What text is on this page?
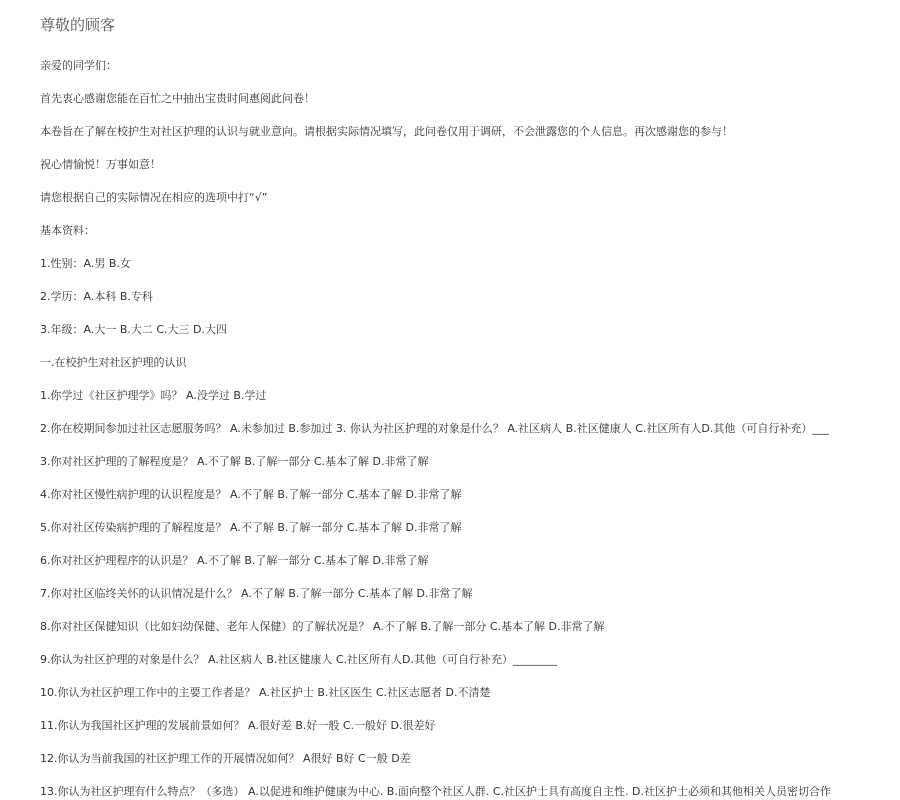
尊敬的顾客
亲爱的同学们：
首先衷心感谢您能在百忙之中抽出宝贵时间惠阅此问卷！
本卷旨在了解在校护生对社区护理的认识与就业意向。请根据实际情况填写，此问卷仅用于调研，不会泄露您的个人信息。再次感谢您的参与！
祝心情愉悦！万事如意！
请您根据自己的实际情况在相应的选项中打“√”
基本资料：
1.性别：A.男 B.女
2.学历：A.本科 B.专科
3.年级：A.大一 B.大二 C.大三 D.大四
一.在校护生对社区护理的认识
1.你学过《社区护理学》吗？ A.没学过 B.学过
2.你在校期间参加过社区志愿服务吗？ A.未参加过 B.参加过 3. 你认为社区护理的对象是什么？ A.社区病人 B.社区健康人 C.社区所有人D.其他（可自行补充）___
3.你对社区护理的了解程度是？ A.不了解 B.了解一部分 C.基本了解 D.非常了解
4.你对社区慢性病护理的认识程度是？ A.不了解 B.了解一部分 C.基本了解 D.非常了解
5.你对社区传染病护理的了解程度是？ A.不了解 B.了解一部分 C.基本了解 D.非常了解
6.你对社区护理程序的认识是？ A.不了解 B.了解一部分 C.基本了解 D.非常了解
7.你对社区临终关怀的认识情况是什么？ A.不了解 B.了解一部分 C.基本了解 D.非常了解
8.你对社区保健知识（比如妇幼保健、老年人保健）的了解状况是？ A.不了解 B.了解一部分 C.基本了解 D.非常了解
9.你认为社区护理的对象是什么？ A.社区病人 B.社区健康人 C.社区所有人D.其他（可自行补充）________
10.你认为社区护理工作中的主要工作者是？ A.社区护士 B.社区医生 C.社区志愿者 D.不清楚
11.你认为我国社区护理的发展前景如何？ A.很好差 B.好一般 C.一般好 D.很差好
12.你认为当前我国的社区护理工作的开展情况如何？ A很好 B好 C一般 D差
13.你认为社区护理有什么特点？（多选） A.以促进和维护健康为中心. B.面向整个社区人群. C.社区护士具有高度自主性. D.社区护士必须和其他相关人员密切合作
